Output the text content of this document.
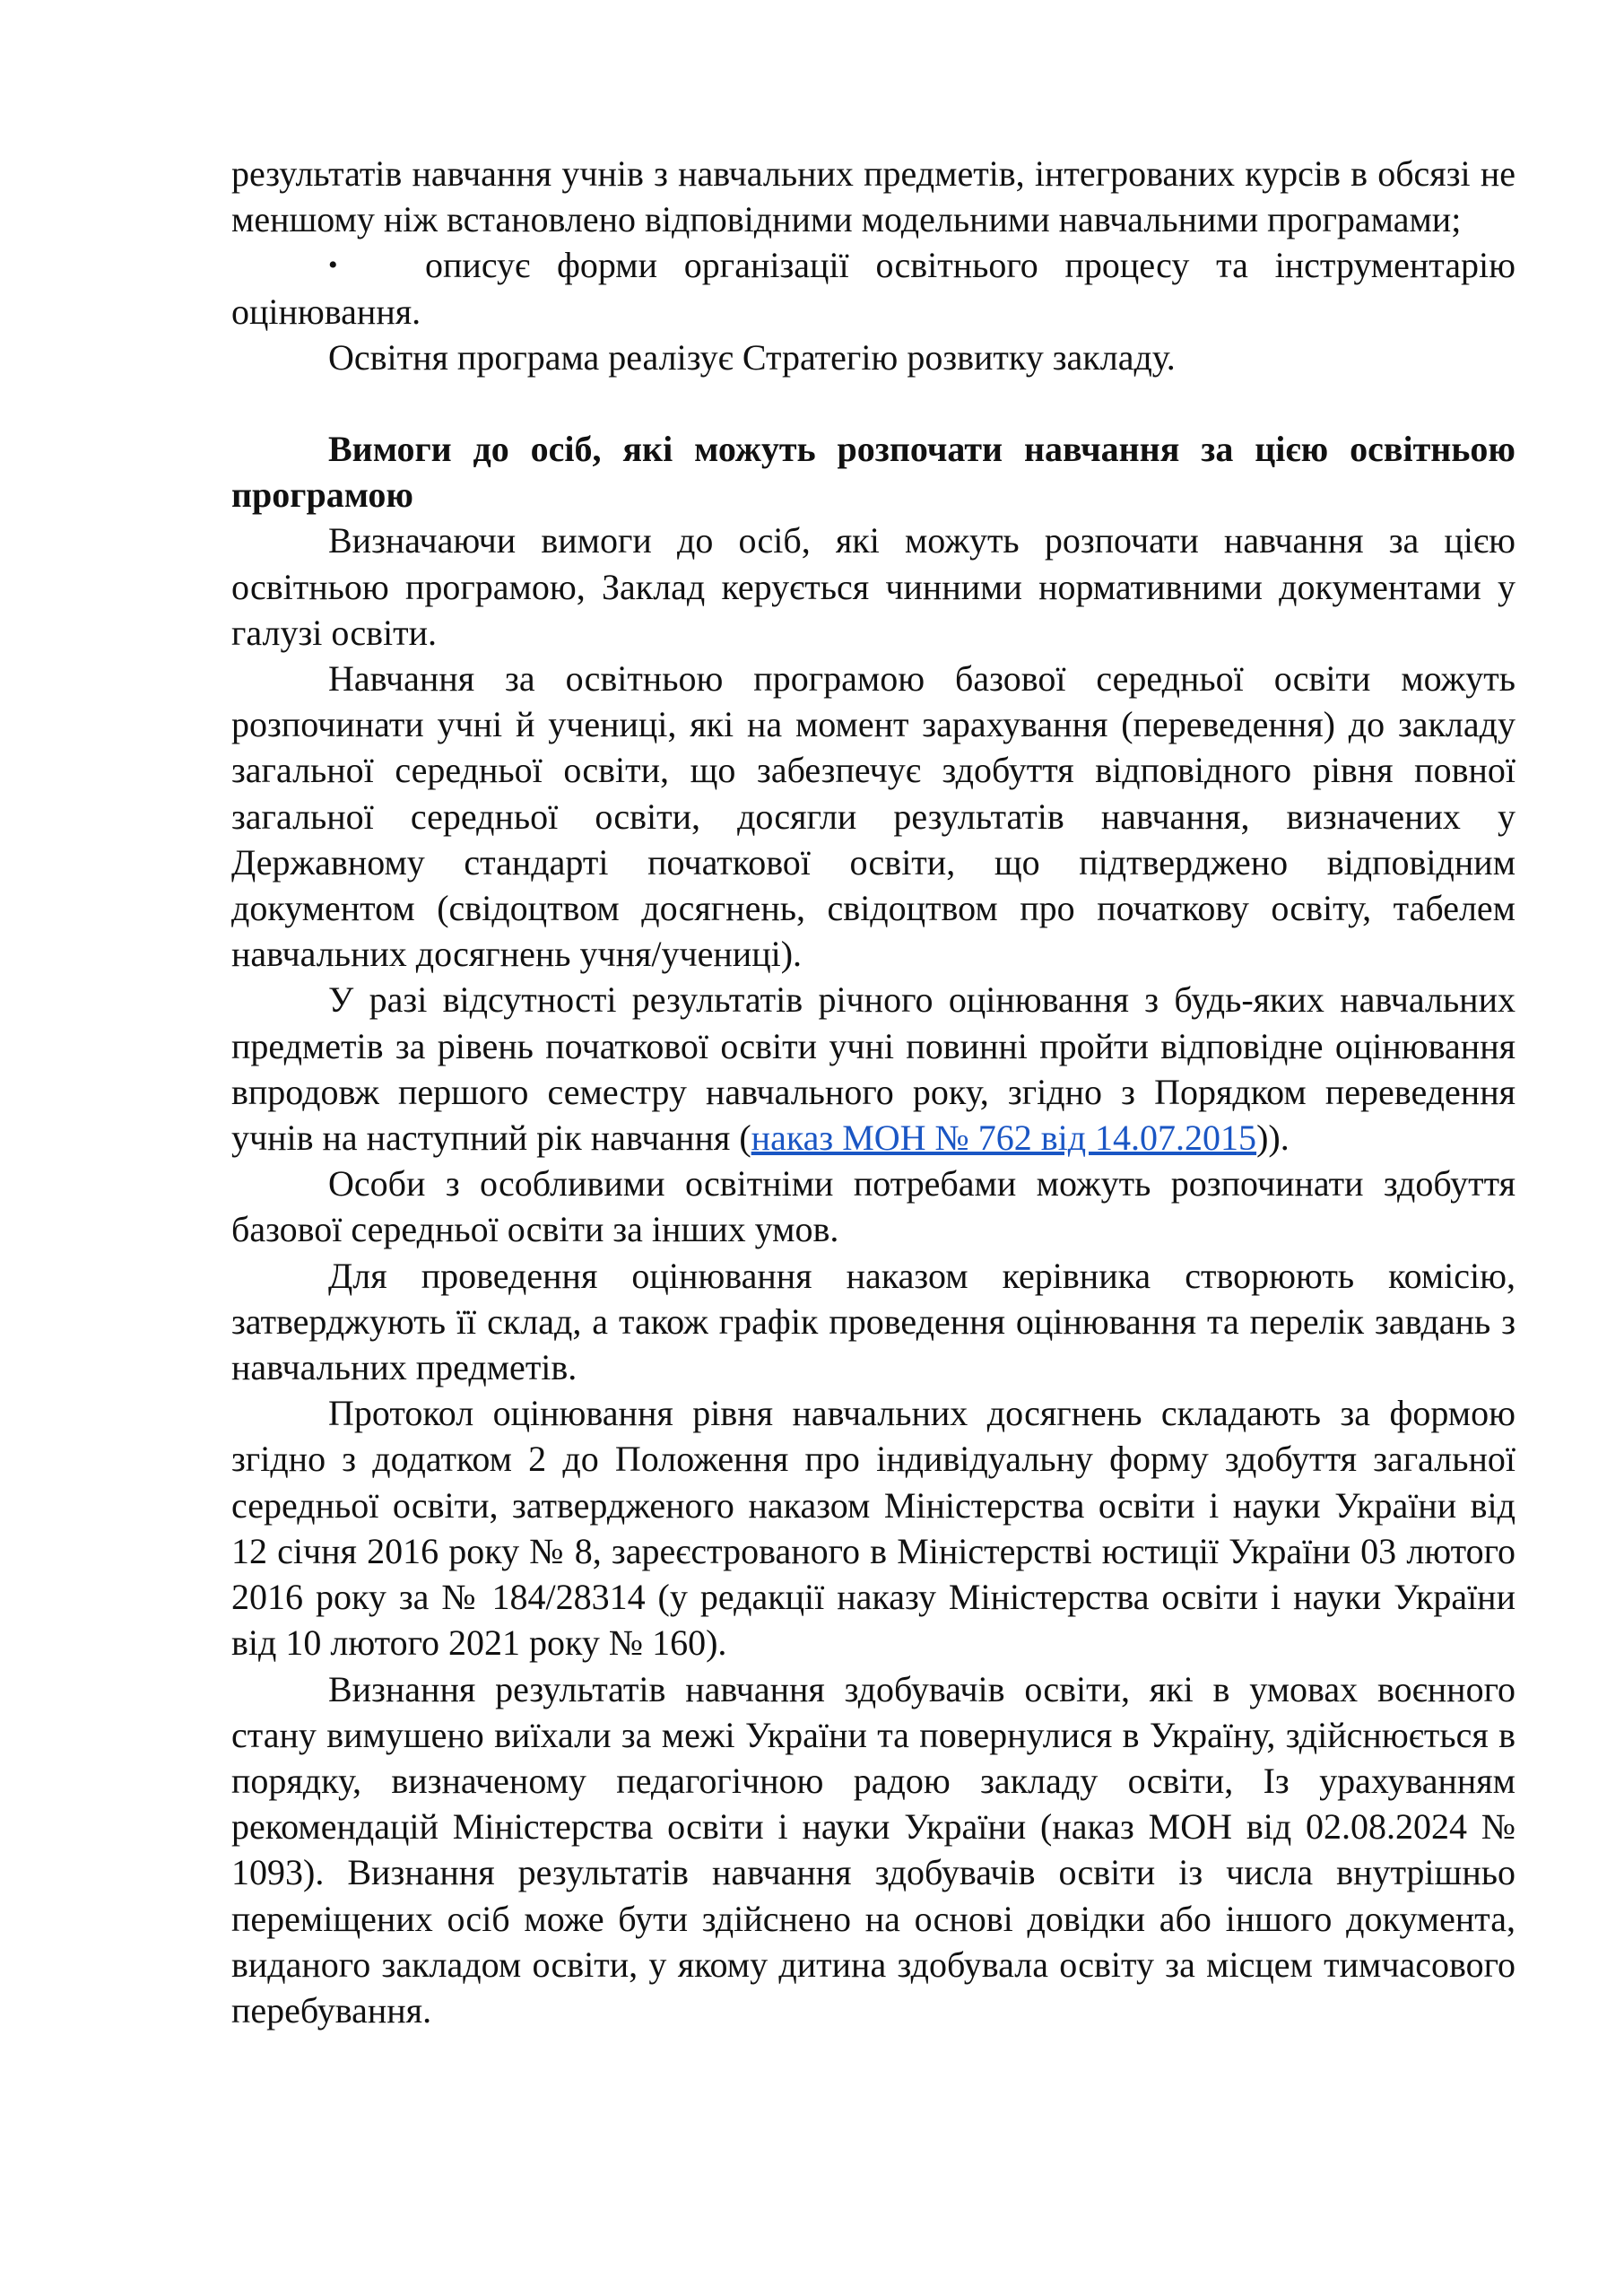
результатів навчання учнів з навчальних предметів, інтегрованих курсів в обсязі не меншому ніж встановлено відповідними модельними навчальними програмами;

•	описує форми організації освітнього процесу та інструментарію

оцінювання.

Освітня програма реалізує Стратегію розвитку закладу.

Вимоги до осіб, які можуть розпочати навчання за цією освітньою програмою

Визначаючи вимоги до осіб, які можуть розпочати навчання за цією освітньою програмою, Заклад керується чинними нормативними документами у галузі освіти.

Навчання за освітньою програмою базової середньої освіти можуть розпочинати учні й учениці, які на момент зарахування (переведення) до закладу загальної середньої освіти, що забезпечує здобуття відповідного рівня повної загальної середньої освіти, досягли результатів навчання, визначених у Державному стандарті початкової освіти, що підтверджено відповідним документом (свідоцтвом досягнень, свідоцтвом про початкову освіту, табелем навчальних досягнень учня/учениці).

У разі відсутності результатів річного оцінювання з будь-яких навчальних предметів за рівень початкової освіти учні повинні пройти відповідне оцінювання впродовж першого семестру навчального року, згідно з Порядком переведення учнів на наступний рік навчання (наказ МОН № 762 від 14.07.2015)).

Особи з особливими освітніми потребами можуть розпочинати здобуття базової середньої освіти за інших умов.

Для проведення оцінювання наказом керівника створюють комісію, затверджують її склад, а також графік проведення оцінювання та перелік завдань з навчальних предметів.

Протокол оцінювання рівня навчальних досягнень складають за формою згідно з додатком 2 до Положення про індивідуальну форму здобуття загальної середньої освіти, затвердженого наказом Міністерства освіти і науки України від 12 січня 2016 року № 8, зареєстрованого в Міністерстві юстиції України 03 лютого 2016 року за № 184/28314 (у редакції наказу Міністерства освіти і науки України від 10 лютого 2021 року № 160).

Визнання результатів навчання здобувачів освіти, які в умовах воєнного стану вимушено виїхали за межі України та повернулися в Україну, здійснюється в порядку, визначеному педагогічною радою закладу освіти, Із урахуванням рекомендацій Міністерства освіти і науки України (наказ МОН від 02.08.2024 № 1093). Визнання результатів навчання здобувачів освіти із числа внутрішньо переміщених осіб може бути здійснено на основі довідки або іншого документа, виданого закладом освіти, у якому дитина здобувала освіту за місцем тимчасового перебування.
